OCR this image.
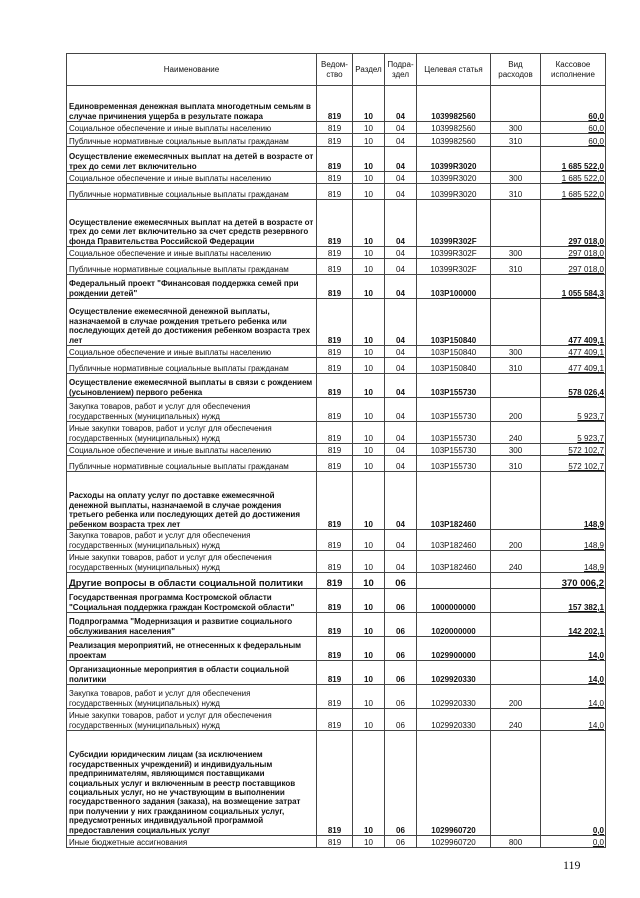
Наименование	Ведом-ство	Раздел	Подра-здел	Целевая статья	Вид расходов	Кассовое исполнение
Единовременная денежная выплата многодетным семьям в случае причинения ущерба в результате пожара	819	10	04	1039982560		60,0
Социальное обеспечение и иные выплаты населению	819	10	04	1039982560	300	60,0
Публичные нормативные социальные выплаты гражданам	819	10	04	1039982560	310	60,0
Осуществление ежемесячных выплат на детей в возрасте от трех до семи лет включительно	819	10	04	10399R3020		1 685 522,0
Социальное обеспечение и иные выплаты населению	819	10	04	10399R3020	300	1 685 522,0
Публичные нормативные социальные выплаты гражданам	819	10	04	10399R3020	310	1 685 522,0
Осуществление ежемесячных выплат на детей в возрасте от трех до семи лет включительно за счет средств резервного фонда Правительства Российской Федерации	819	10	04	10399R302F		297 018,0
Социальное обеспечение и иные выплаты населению	819	10	04	10399R302F	300	297 018,0
Публичные нормативные социальные выплаты гражданам	819	10	04	10399R302F	310	297 018,0
Федеральный проект "Финансовая поддержка семей при рождении детей"	819	10	04	103P100000		1 055 584,3
Осуществление ежемесячной денежной выплаты, назначаемой в случае рождения третьего ребенка или последующих детей до достижения ребенком возраста трех лет	819	10	04	103P150840		477 409,1
Социальное обеспечение и иные выплаты населению	819	10	04	103P150840	300	477 409,1
Публичные нормативные социальные выплаты гражданам	819	10	04	103P150840	310	477 409,1
Осуществление ежемесячной выплаты в связи с рождением (усыновлением) первого ребенка	819	10	04	103P155730		578 026,4
Закупка товаров, работ и услуг для обеспечения государственных (муниципальных) нужд	819	10	04	103P155730	200	5 923,7
Иные закупки товаров, работ и услуг для обеспечения государственных (муниципальных) нужд	819	10	04	103P155730	240	5 923,7
Социальное обеспечение и иные выплаты населению	819	10	04	103P155730	300	572 102,7
Публичные нормативные социальные выплаты гражданам	819	10	04	103P155730	310	572 102,7
Расходы на оплату услуг по доставке ежемесячной денежной выплаты, назначаемой в случае рождения третьего ребенка или последующих детей до достижения ребенком возраста трех лет	819	10	04	103P182460		148,9
Закупка товаров, работ и услуг для обеспечения государственных (муниципальных) нужд	819	10	04	103P182460	200	148,9
Иные закупки товаров, работ и услуг для обеспечения государственных (муниципальных) нужд	819	10	04	103P182460	240	148,9
Другие вопросы в области социальной политики	819	10	06			370 006,2
Государственная программа Костромской области "Социальная поддержка граждан Костромской области"	819	10	06	1000000000		157 382,1
Подпрограмма "Модернизация и развитие социального обслуживания населения"	819	10	06	1020000000		142 202,1
Реализация мероприятий, не отнесенных к федеральным проектам	819	10	06	1029900000		14,0
Организационные мероприятия в области социальной политики	819	10	06	1029920330		14,0
Закупка товаров, работ и услуг для обеспечения государственных (муниципальных) нужд	819	10	06	1029920330	200	14,0
Иные закупки товаров, работ и услуг для обеспечения государственных (муниципальных) нужд	819	10	06	1029920330	240	14,0
Субсидии юридическим лицам (за исключением государственных учреждений) и индивидуальным предпринимателям, являющимся поставщиками социальных услуг и включенным в реестр поставщиков социальных услуг, но не участвующим в выполнении государственного задания (заказа), на возмещение затрат при получении у них гражданином социальных услуг, предусмотренных индивидуальной программой предоставления социальных услуг	819	10	06	1029960720		0,0
Иные бюджетные ассигнования	819	10	06	1029960720	800	0,0
119
